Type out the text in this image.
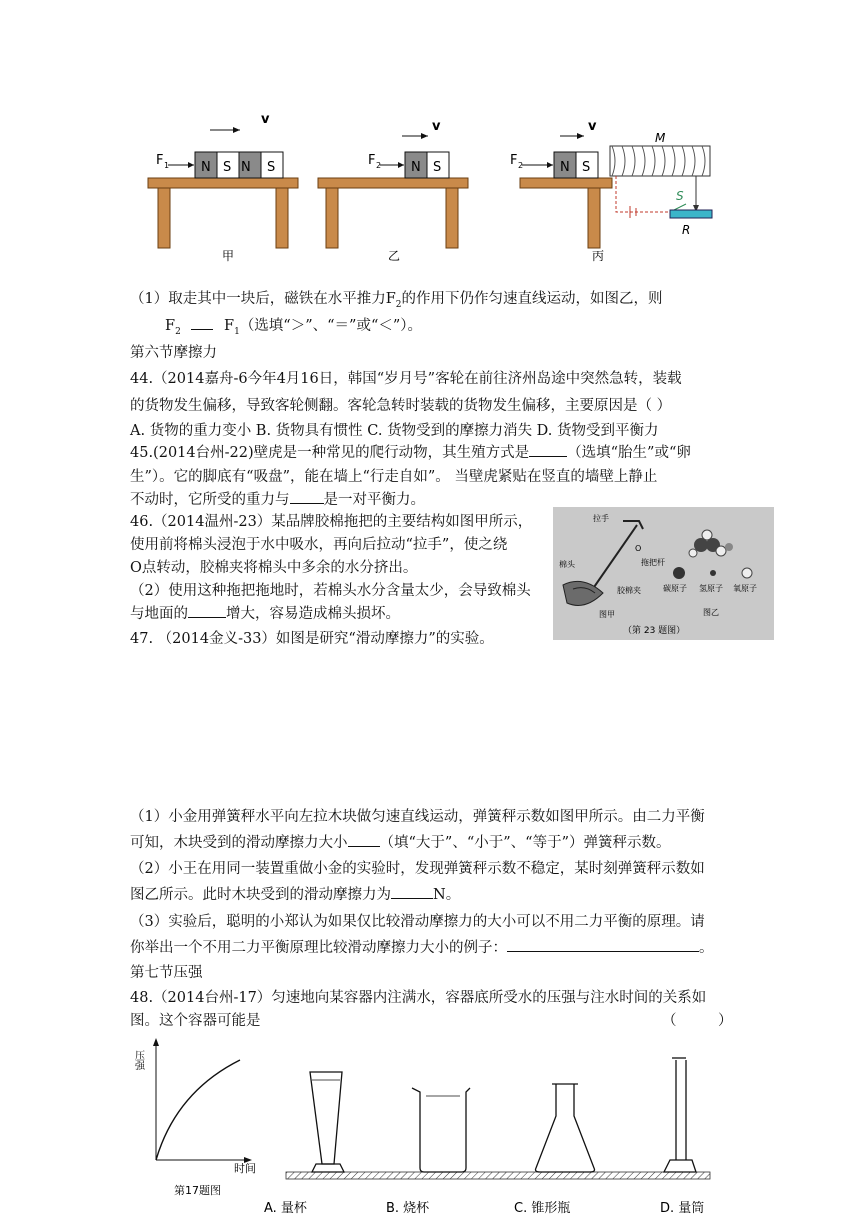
N S N S
F 1
v
甲
N S
F 2
v
乙
N S
F 2
v
M
S
R
丙
（1）取走其中一块后，磁铁在水平推力$F_2$的作用下仍作匀速直线运动，如图乙，则
$F_2$	$F_1$（选填“＞”、“＝”或“＜”）。
第六节摩擦力
44.（2014嘉舟-6今年4月16日，韩国“岁月号”客轮在前往济州岛途中突然急转，装载
的货物发生偏移，导致客轮侧翻。客轮急转时装载的货物发生偏移，主要原因是（ ）
A. 货物的重力变小 B. 货物具有惯性 C. 货物受到的摩擦力消失 D. 货物受到平衡力
45.(2014台州-22)壁虎是一种常见的爬行动物，其生殖方式是	（选填“胎生”或“卵
生”）。它的脚底有“吸盘”，能在墙上“行走自如”。 当壁虎紧贴在竖直的墙壁上静止
不动时，它所受的重力与 是一对平衡力。
46.（2014温州-23）某品牌胶棉拖把的主要结构如图甲所示，
使用前将棉头浸泡于水中吸水，再向后拉动“拉手”，使之绕
O点转动，胶棉夹将棉头中多余的水分挤出。
（2）使用这种拖把拖地时，若棉头水分含量太少，会导致棉头
与地面的	增大，容易造成棉头损坏。
47. （2014金义-33）如图是研究“滑动摩擦力”的实验。
拉手
O
拖把杆
棉头
胶棉夹
图甲
碳原子 氢原子 氧原子
图乙
（第 23 题图）
（1）小金用弹簧秤水平向左拉木块做匀速直线运动，弹簧秤示数如图甲所示。由二力平衡
可知，木块受到的滑动摩擦力大小 （填“大于”、“小于”、“等于”）弹簧秤示数。
（2）小王在用同一装置重做小金的实验时，发现弹簧秤示数不稳定，某时刻弹簧秤示数如
图乙所示。此时木块受到的滑动摩擦力为	N。
（3）实验后，聪明的小郑认为如果仅比较滑动摩擦力的大小可以不用二力平衡的原理。请
你举出一个不用二力平衡原理比较滑动摩擦力大小的例子：	。
第七节压强
48.（2014台州-17）匀速地向某容器内注满水，容器底所受水的压强与注水时间的关系如
图。这个容器可能是	（         ）
压强
时间
第17题图
A. 量杯	B. 烧杯	C. 锥形瓶	D. 量筒
